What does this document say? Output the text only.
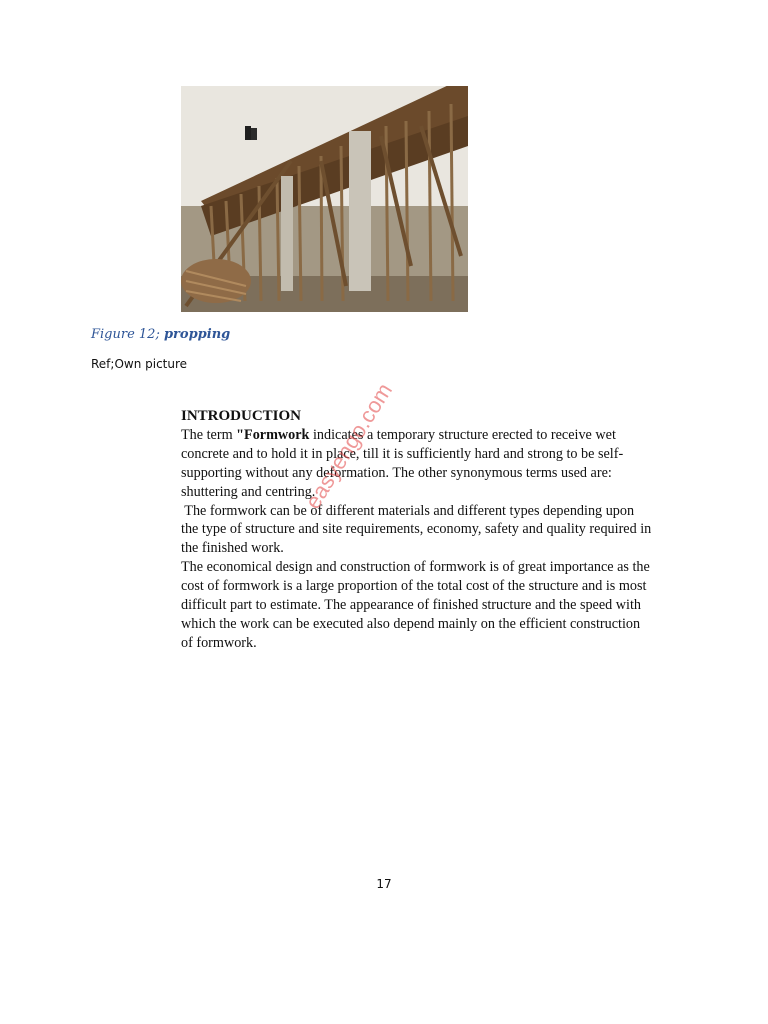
Figure 12; propping
Ref;Own picture
INTRODUCTION
The term "Formwork indicates a temporary structure erected to receive wet
concrete and to hold it in place, till it is sufficiently hard and strong to be self-
supporting without any deformation. The other synonymous terms used are:
shuttering and centring.
The formwork can be of different materials and different types depending upon
the type of structure and site requirements, economy, safety and quality required in
the finished work.
The economical design and construction of formwork is of great importance as the
cost of formwork is a large proportion of the total cost of the structure and is most
difficult part to estimate. The appearance of finished structure and the speed with
which the work can be executed also depend mainly on the efficient construction
of formwork.
easyengo.com
17
